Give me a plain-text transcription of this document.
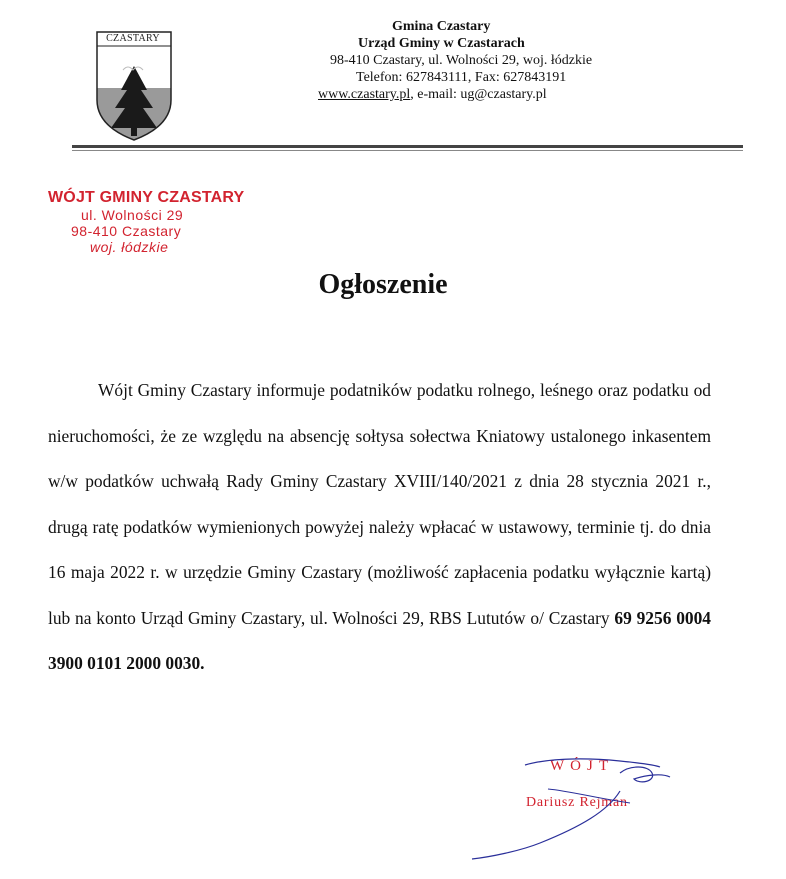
CZASTARY
Gmina Czastary
Urząd Gminy w Czastarach
98-410 Czastary, ul. Wolności 29, woj. łódzkie
Telefon: 627843111, Fax: 627843191
www.czastary.pl, e-mail: ug@czastary.pl
WÓJT GMINY CZASTARY
ul. Wolności 29
98-410 Czastary
woj. łódzkie
Ogłoszenie

Wójt Gminy Czastary informuje podatników podatku rolnego, leśnego oraz podatku od nieruchomości, że ze względu na absencję sołtysa sołectwa Kniatowy ustalonego inkasentem w/w podatków uchwałą Rady Gminy Czastary XVIII/140/2021 z dnia 28 stycznia 2021 r., drugą ratę podatków wymienionych powyżej należy wpłacać w ustawowy, terminie tj. do dnia 16 maja 2022 r. w urzędzie Gminy Czastary (możliwość zapłacenia podatku wyłącznie kartą) lub na konto Urząd Gminy Czastary, ul. Wolności 29, RBS Lututów o/ Czastary 69 9256 0004 3900 0101 2000 0030.

WÓJT
Dariusz Rejman
